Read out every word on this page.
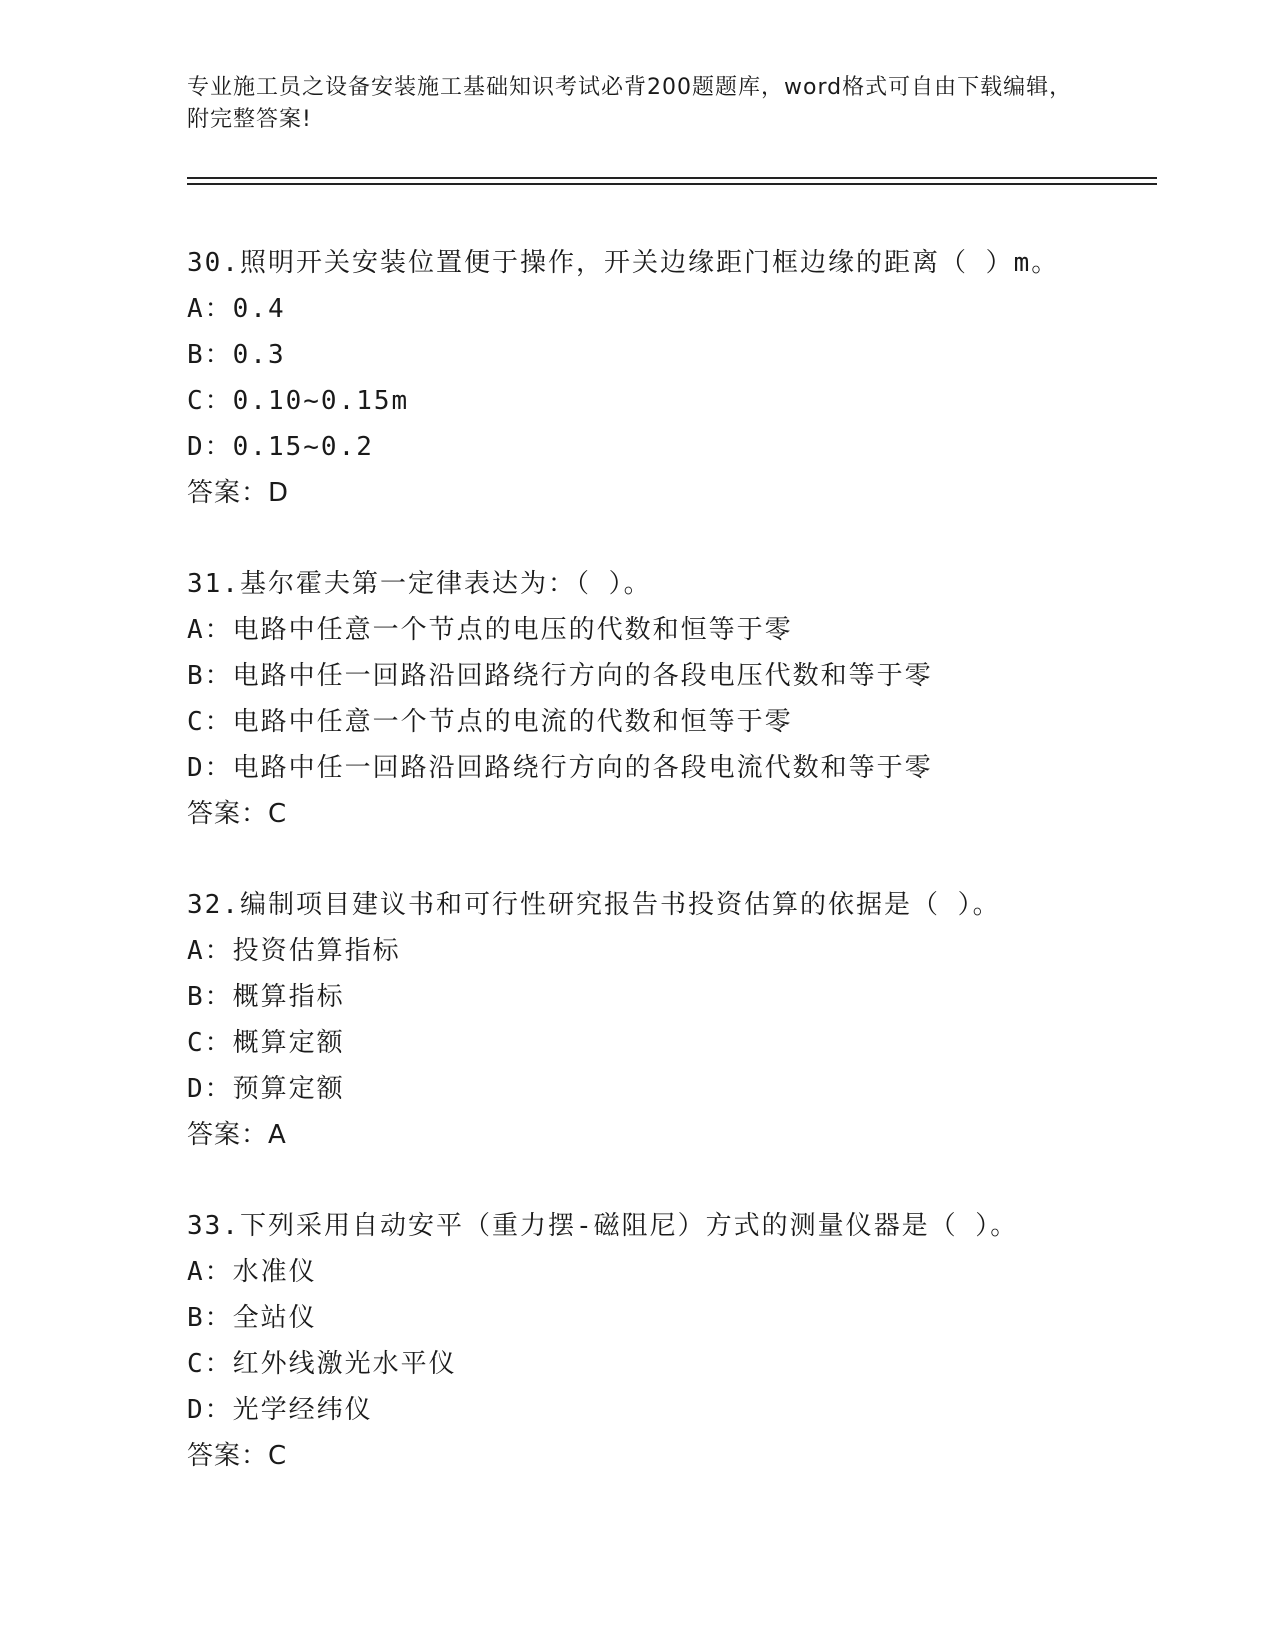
专业施工员之设备安装施工基础知识考试必背200题题库，word格式可自由下载编辑，附完整答案!
30.照明开关安装位置便于操作，开关边缘距门框边缘的距离（ ）m。
A：0.4
B：0.3
C：0.10~0.15m
D：0.15~0.2
答案：D
31.基尔霍夫第一定律表达为：（ ）。
A：电路中任意一个节点的电压的代数和恒等于零
B：电路中任一回路沿回路绕行方向的各段电压代数和等于零
C：电路中任意一个节点的电流的代数和恒等于零
D：电路中任一回路沿回路绕行方向的各段电流代数和等于零
答案：C
32.编制项目建议书和可行性研究报告书投资估算的依据是（ ）。
A：投资估算指标
B：概算指标
C：概算定额
D：预算定额
答案：A
33.下列采用自动安平（重力摆-磁阻尼）方式的测量仪器是（ ）。
A：水准仪
B：全站仪
C：红外线激光水平仪
D：光学经纬仪
答案：C
